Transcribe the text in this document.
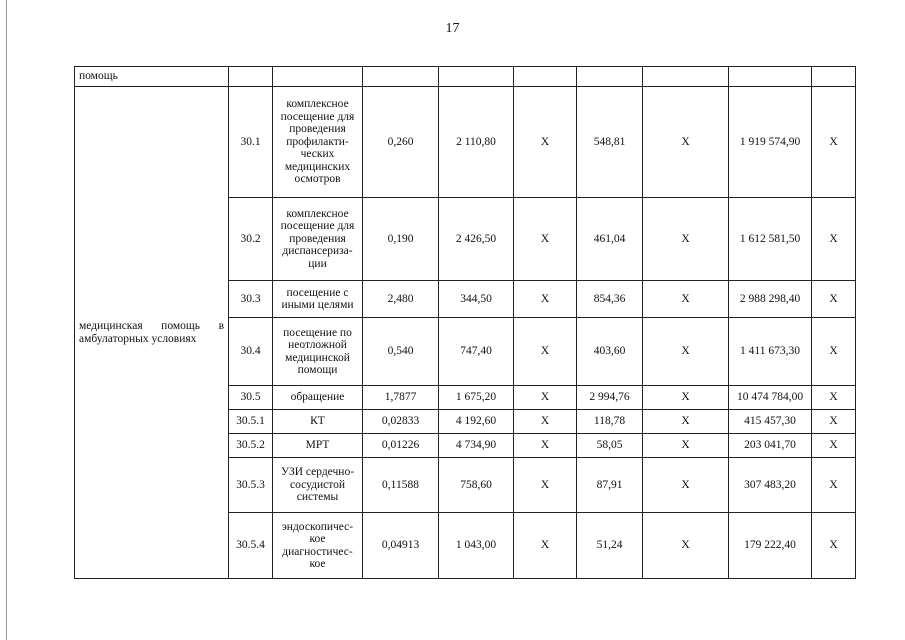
17
помощь									
медицинская помощь в амбулаторных условиях	30.1	комплексное посещение для проведения профилакти-ческих медицинских осмотров	0,260	2 110,80	X	548,81	X	1 919 574,90	X
	30.2	комплексное посещение для проведения диспансериза-ции	0,190	2 426,50	X	461,04	X	1 612 581,50	X
	30.3	посещение с иными целями	2,480	344,50	X	854,36	X	2 988 298,40	X
	30.4	посещение по неотложной медицинской помощи	0,540	747,40	X	403,60	X	1 411 673,30	X
	30.5	обращение	1,7877	1 675,20	X	2 994,76	X	10 474 784,00	X
	30.5.1	КТ	0,02833	4 192,60	X	118,78	X	415 457,30	X
	30.5.2	МРТ	0,01226	4 734,90	X	58,05	X	203 041,70	X
	30.5.3	УЗИ сердечно-сосудистой системы	0,11588	758,60	X	87,91	X	307 483,20	X
	30.5.4	эндоскопичес-кое диагностичес-кое	0,04913	1 043,00	X	51,24	X	179 222,40	X
